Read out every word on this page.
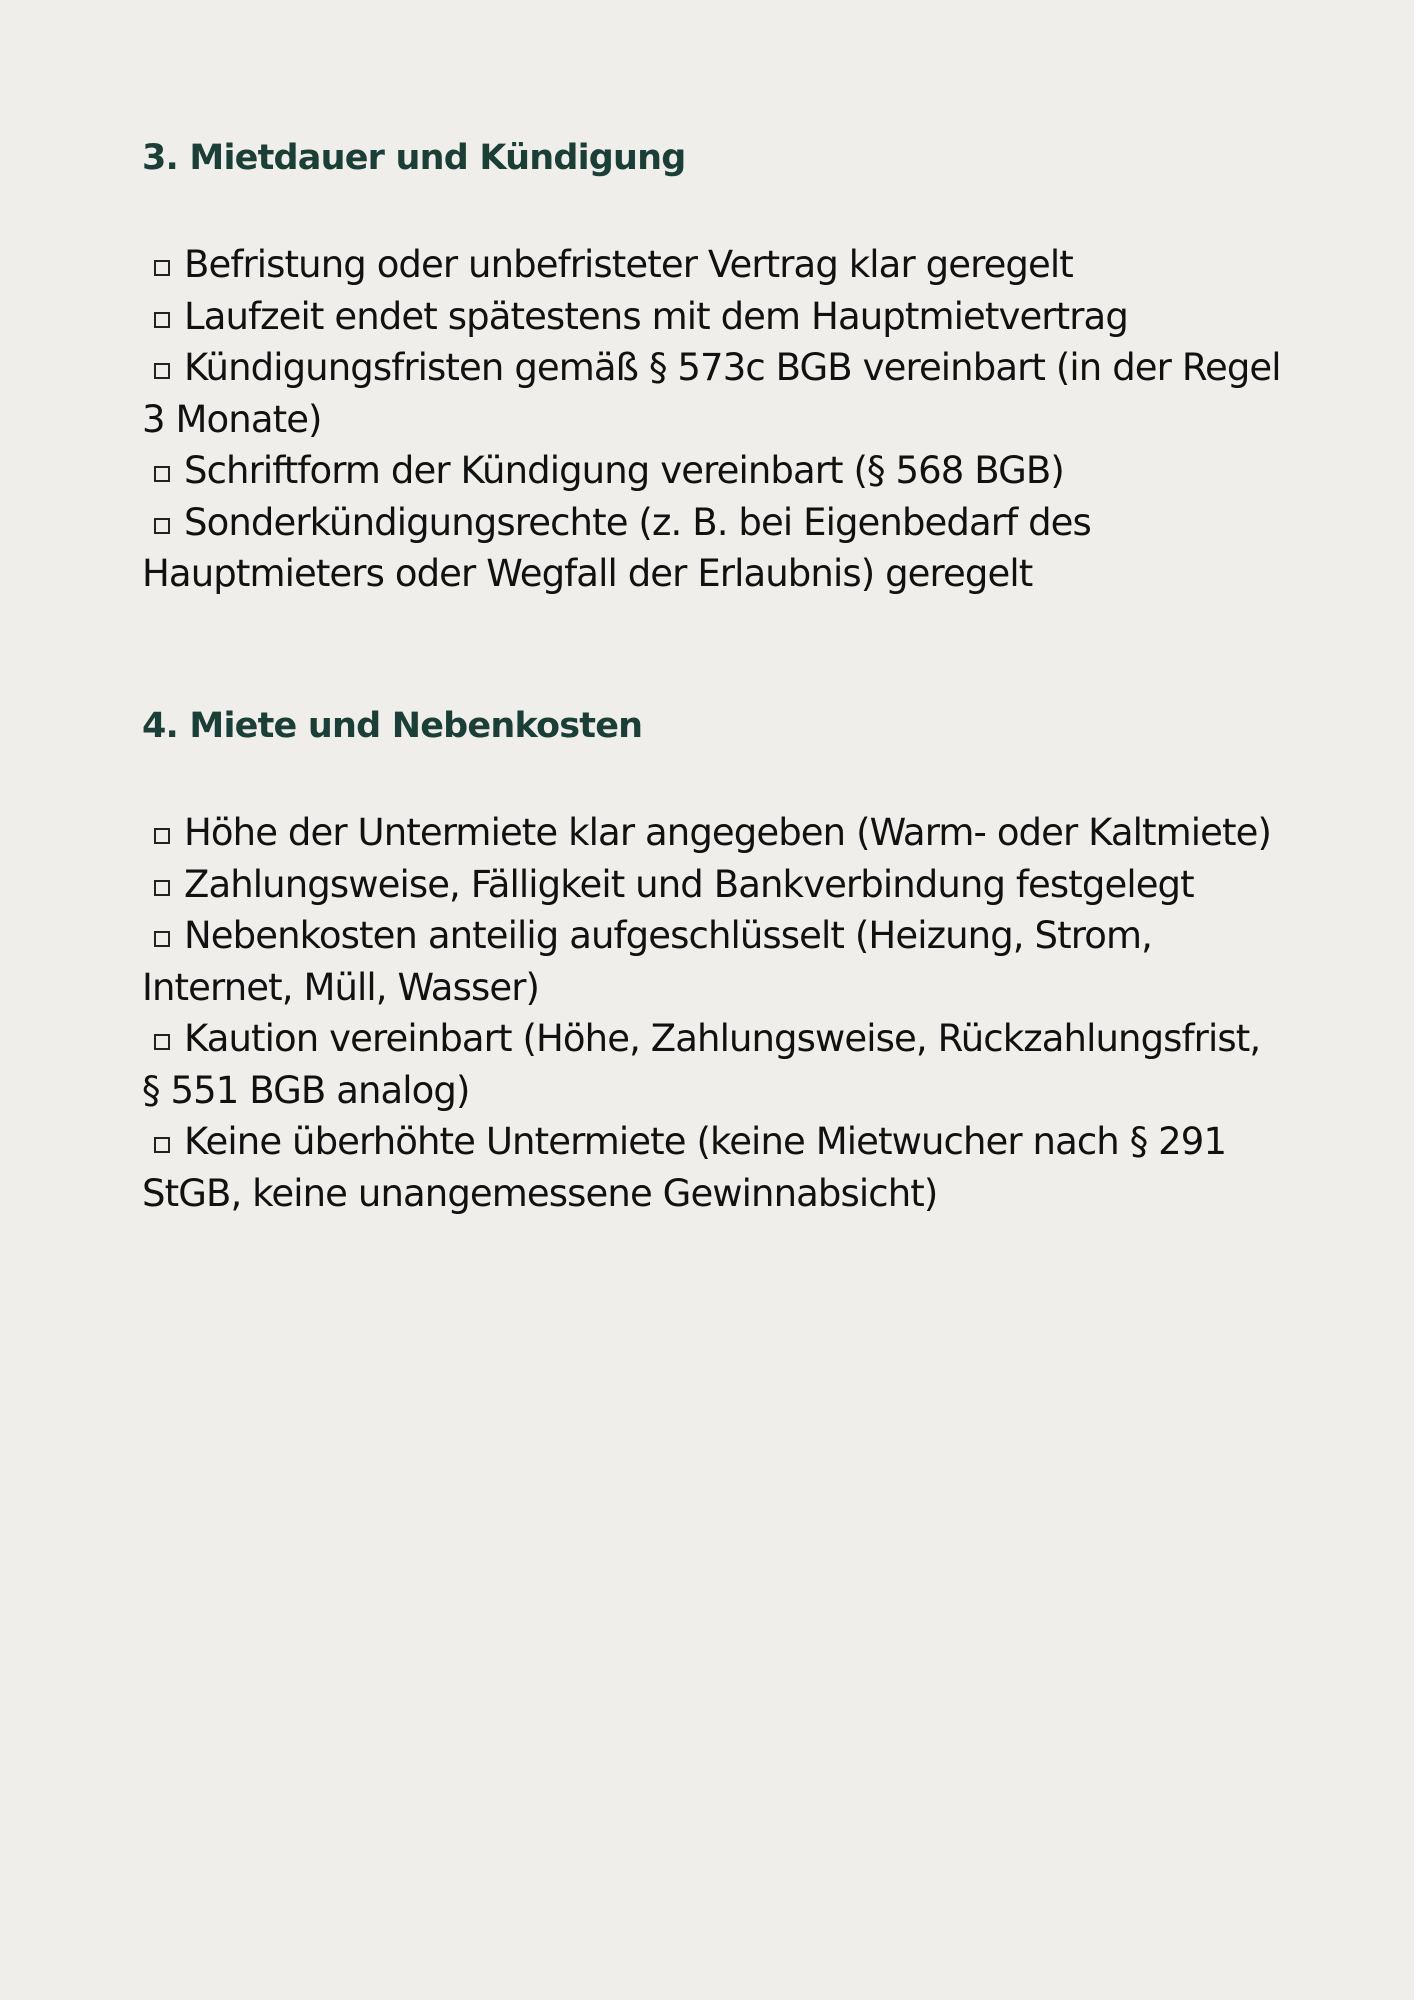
3. Mietdauer und Kündigung
Befristung oder unbefristeter Vertrag klar geregelt
Laufzeit endet spätestens mit dem Hauptmietvertrag
Kündigungsfristen gemäß § 573c BGB vereinbart (in der Regel 3 Monate)
Schriftform der Kündigung vereinbart (§ 568 BGB)
Sonderkündigungsrechte (z. B. bei Eigenbedarf des Hauptmieters oder Wegfall der Erlaubnis) geregelt
4. Miete und Nebenkosten
Höhe der Untermiete klar angegeben (Warm- oder Kaltmiete)
Zahlungsweise, Fälligkeit und Bankverbindung festgelegt
Nebenkosten anteilig aufgeschlüsselt (Heizung, Strom, Internet, Müll, Wasser)
Kaution vereinbart (Höhe, Zahlungsweise, Rückzahlungsfrist, § 551 BGB analog)
Keine überhöhte Untermiete (keine Mietwucher nach § 291 StGB, keine unangemessene Gewinnabsicht)
